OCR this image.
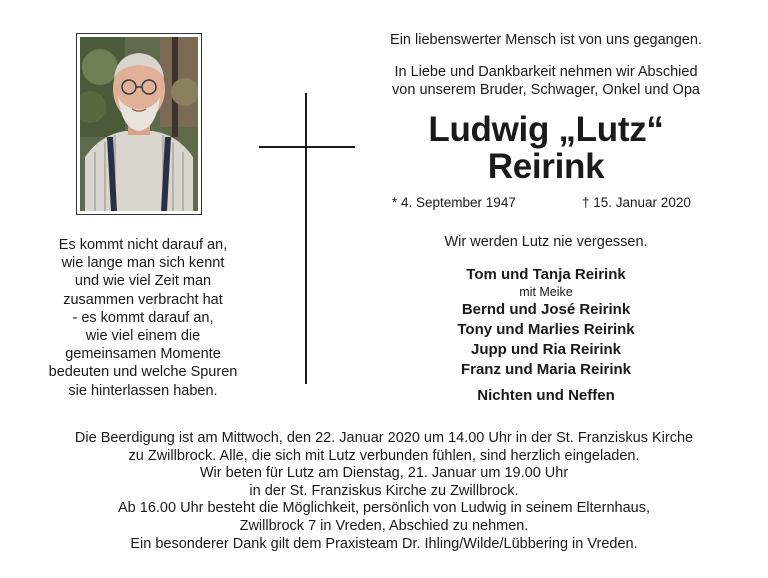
Es kommt nicht darauf an,
wie lange man sich kennt
und wie viel Zeit man
zusammen verbracht hat
- es kommt darauf an,
wie viel einem die
gemeinsamen Momente
bedeuten und welche Spuren
sie hinterlassen haben.
Ein liebenswerter Mensch ist von uns gegangen.
In Liebe und Dankbarkeit nehmen wir Abschied
von unserem Bruder, Schwager, Onkel und Opa
Ludwig „Lutz“
Reirink
* 4. September 1947	† 15. Januar 2020
Wir werden Lutz nie vergessen.
Tom und Tanja Reirink
mit Meike
Bernd und José Reirink
Tony und Marlies Reirink
Jupp und Ria Reirink
Franz und Maria Reirink
Nichten und Neffen
Die Beerdigung ist am Mittwoch, den 22. Januar 2020 um 14.00 Uhr in der St. Franziskus Kirche
zu Zwillbrock. Alle, die sich mit Lutz verbunden fühlen, sind herzlich eingeladen.
Wir beten für Lutz am Dienstag, 21. Januar um 19.00 Uhr
in der St. Franziskus Kirche zu Zwillbrock.
Ab 16.00 Uhr besteht die Möglichkeit, persönlich von Ludwig in seinem Elternhaus,
Zwillbrock 7 in Vreden, Abschied zu nehmen.
Ein besonderer Dank gilt dem Praxisteam Dr. Ihling/Wilde/Lübbering in Vreden.
